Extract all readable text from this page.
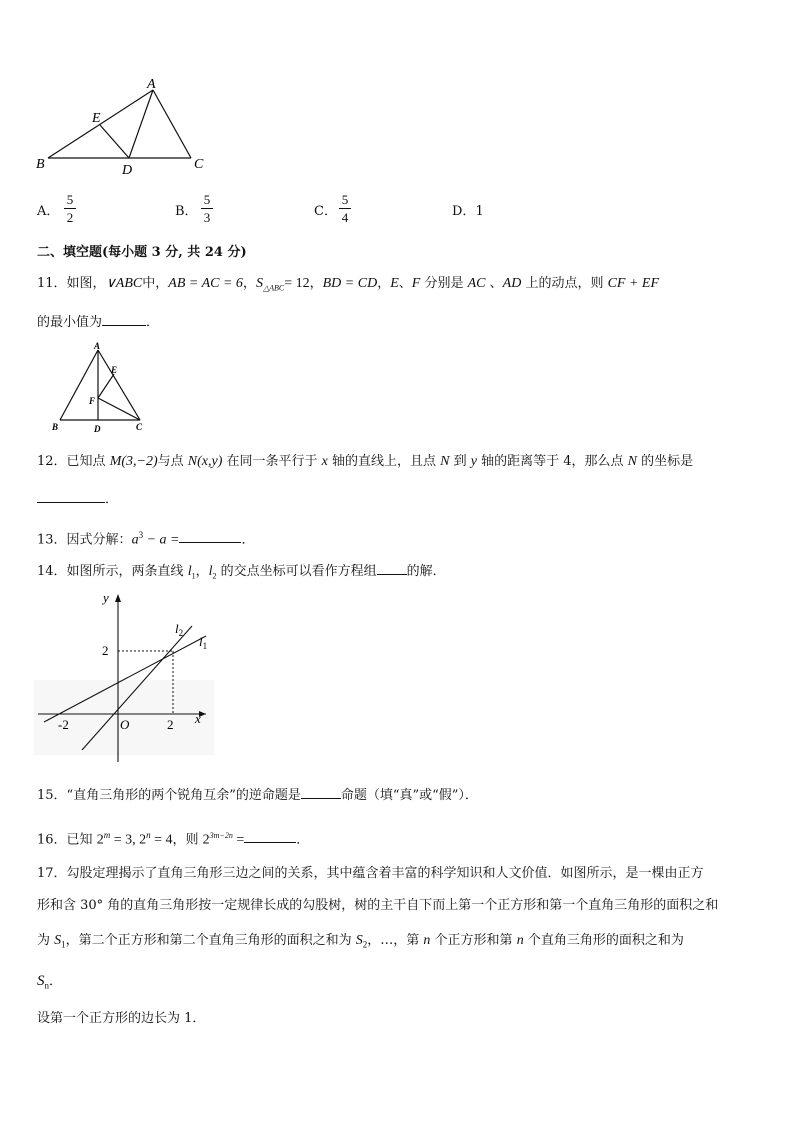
A
E
B	D	C
A．
5
2	B．
5
3	C．
5
4	D．1
二、填空题(每小题 3 分, 共 24 分)
11．如图，∨ABC中，AB = AC = 6，$S_{\triangle ABC}= 12$，BD = CD，E、F 分别是 AC 、AD 上的动点，则 CF + EF
的最小值为	．
A
E
F
B	D	C
12．已知点 M(3,−2)与点 N(x,y) 在同一条平行于 x 轴的直线上，且点 N 到 y 轴的距离等于 4，那么点 N 的坐标是
．
13．因式分解：$a^3 - a$ =	．
14．如图所示，两条直线 $l_1$，$l_2$ 的交点坐标可以看作方程组 的解．
y
x
O
2
2
-2
$l_2$
$l_1$
15．“直角三角形的两个锐角互余”的逆命题是	命题（填“真”或“假”）．
16．已知 $2^m = 3$, $2^n = 4$，则 $2^{3m-2n}$ =	．
17．勾股定理揭示了直角三角形三边之间的关系，其中蕴含着丰富的科学知识和人文价值．如图所示，是一棵由正方
形和含 30° 角的直角三角形按一定规律长成的勾股树，树的主干自下而上第一个正方形和第一个直角三角形的面积之和
为 $S_1$，第二个正方形和第二个直角三角形的面积之和为 $S_2$，…，第 n 个正方形和第 n 个直角三角形的面积之和为
$S_n$．
设第一个正方形的边长为 1．
